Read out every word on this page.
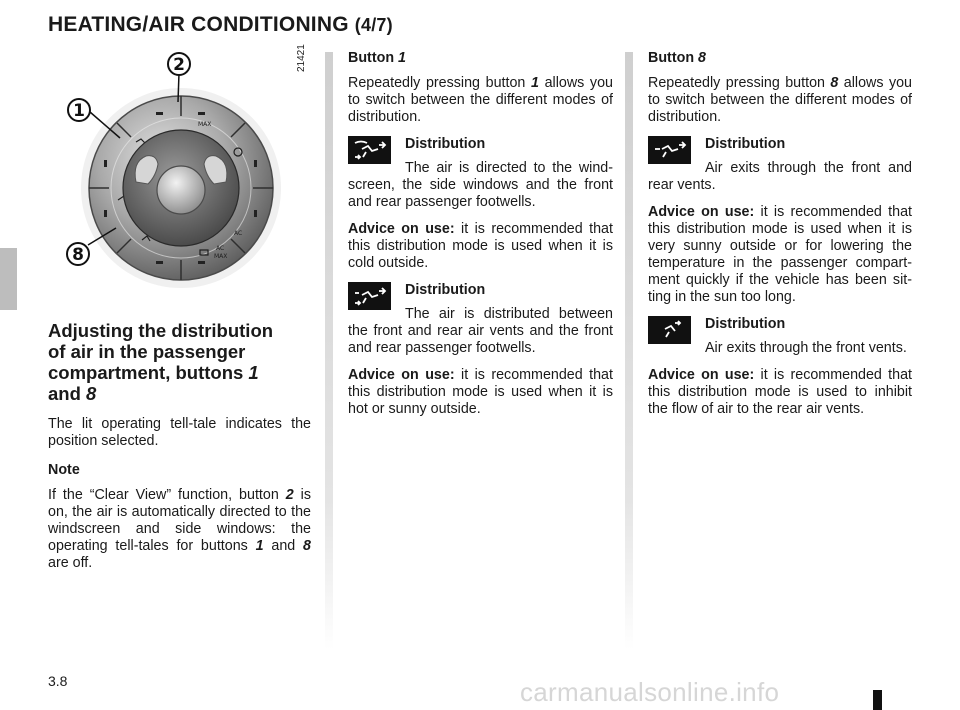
HEATING/AIR CONDITIONING (4/7)
MAX
AC
AC
MAX
1
2
8
21421
Adjusting the distribution
of air in the passenger
compartment, buttons 1
and 8

The lit operating tell-tale indicates the position selected.

Note

If the “Clear View” function, button 2 is on, the air is automatically directed to the windscreen and side windows: the operating tell-tales for buttons 1 and 8 are off.

Button 1

Repeatedly pressing button 1 allows you to switch between the different modes of distribution.

Distribution

The air is directed to the wind-screen, the side windows and the front and rear passenger footwells.

Advice on use: it is recommended that this distribution mode is used when it is cold outside.

Distribution

The air is distributed between the front and rear air vents and the front and rear passenger footwells.

Advice on use: it is recommended that this distribution mode is used when it is hot or sunny outside.

Button 8

Repeatedly pressing button 8 allows you to switch between the different modes of distribution.

Distribution

Air exits through the front and rear vents.

Advice on use: it is recommended that this distribution mode is used when it is very sunny outside or for lowering the temperature in the passenger compart-ment quickly if the vehicle has been sit-ting in the sun too long.

Distribution

Air exits through the front vents.

Advice on use: it is recommended that this distribution mode is used to inhibit the flow of air to the rear air vents.

3.8	carmanualsonline.info
